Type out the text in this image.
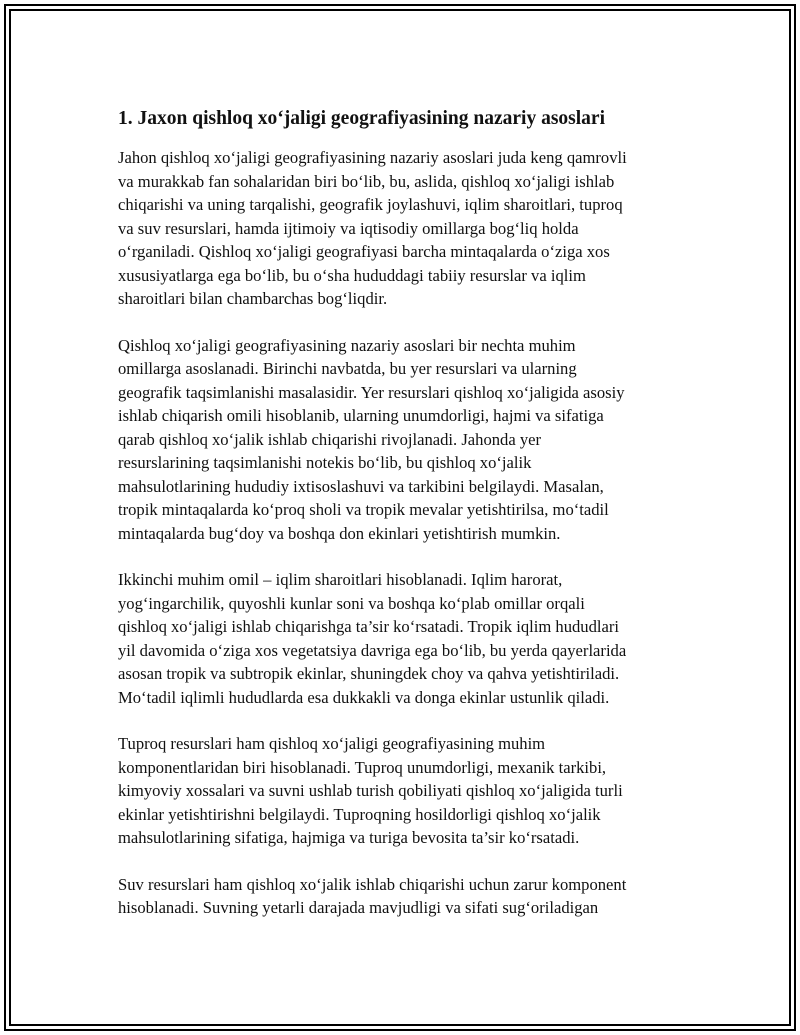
1. Jaxon qishloq xo‘jaligi geografiyasining nazariy asoslari

Jahon qishloq xo‘jaligi geografiyasining nazariy asoslari juda keng qamrovli
va murakkab fan sohalaridan biri bo‘lib, bu, aslida, qishloq xo‘jaligi ishlab
chiqarishi va uning tarqalishi, geografik joylashuvi, iqlim sharoitlari, tuproq
va suv resurslari, hamda ijtimoiy va iqtisodiy omillarga bog‘liq holda
o‘rganiladi. Qishloq xo‘jaligi geografiyasi barcha mintaqalarda o‘ziga xos
xususiyatlarga ega bo‘lib, bu o‘sha hududdagi tabiiy resurslar va iqlim
sharoitlari bilan chambarchas bog‘liqdir.

Qishloq xo‘jaligi geografiyasining nazariy asoslari bir nechta muhim
omillarga asoslanadi. Birinchi navbatda, bu yer resurslari va ularning
geografik taqsimlanishi masalasidir. Yer resurslari qishloq xo‘jaligida asosiy
ishlab chiqarish omili hisoblanib, ularning unumdorligi, hajmi va sifatiga
qarab qishloq xo‘jalik ishlab chiqarishi rivojlanadi. Jahonda yer
resurslarining taqsimlanishi notekis bo‘lib, bu qishloq xo‘jalik
mahsulotlarining hududiy ixtisoslashuvi va tarkibini belgilaydi. Masalan,
tropik mintaqalarda ko‘proq sholi va tropik mevalar yetishtirilsa, mo‘tadil
mintaqalarda bug‘doy va boshqa don ekinlari yetishtirish mumkin.

Ikkinchi muhim omil – iqlim sharoitlari hisoblanadi. Iqlim harorat,
yog‘ingarchilik, quyoshli kunlar soni va boshqa ko‘plab omillar orqali
qishloq xo‘jaligi ishlab chiqarishga ta’sir ko‘rsatadi. Tropik iqlim hududlari
yil davomida o‘ziga xos vegetatsiya davriga ega bo‘lib, bu yerda qayerlarida
asosan tropik va subtropik ekinlar, shuningdek choy va qahva yetishtiriladi.
Mo‘tadil iqlimli hududlarda esa dukkakli va donga ekinlar ustunlik qiladi.

Tuproq resurslari ham qishloq xo‘jaligi geografiyasining muhim
komponentlaridan biri hisoblanadi. Tuproq unumdorligi, mexanik tarkibi,
kimyoviy xossalari va suvni ushlab turish qobiliyati qishloq xo‘jaligida turli
ekinlar yetishtirishni belgilaydi. Tuproqning hosildorligi qishloq xo‘jalik
mahsulotlarining sifatiga, hajmiga va turiga bevosita ta’sir ko‘rsatadi.

Suv resurslari ham qishloq xo‘jalik ishlab chiqarishi uchun zarur komponent
hisoblanadi. Suvning yetarli darajada mavjudligi va sifati sug‘oriladigan
